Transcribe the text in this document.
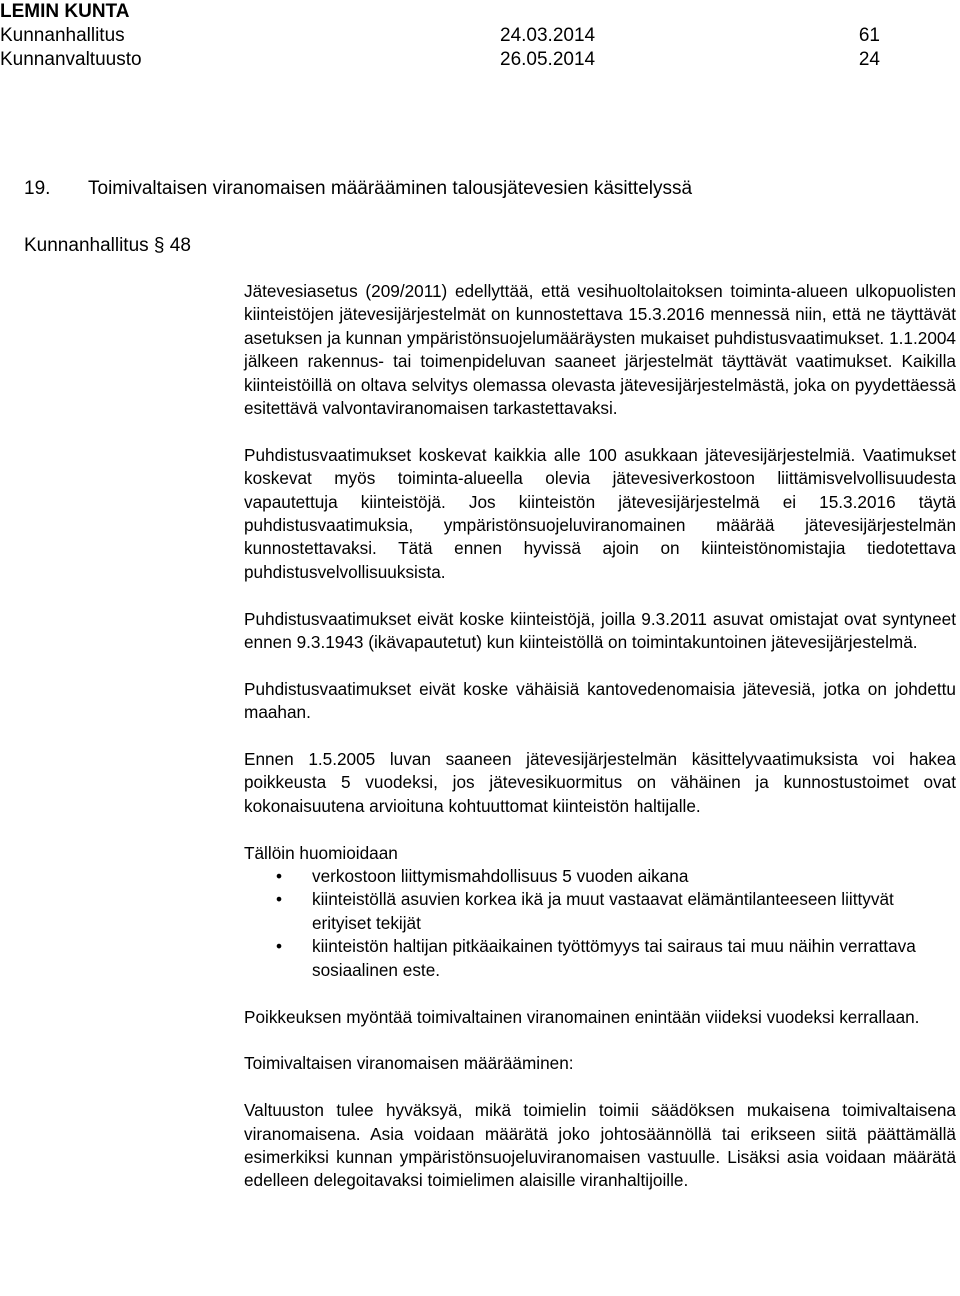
LEMIN KUNTA
Kunnanhallitus	24.03.2014	61
Kunnanvaltuusto	26.05.2014	24
19. Toimivaltaisen viranomaisen määrääminen talousjätevesien käsittelyssä
Kunnanhallitus § 48

Jätevesiasetus (209/2011) edellyttää, että vesihuoltolaitoksen toiminta-alueen ulkopuolisten kiinteistöjen jätevesijärjestelmät on kunnostettava 15.3.2016 mennessä niin, että ne täyttävät asetuksen ja kunnan ympäristönsuojelumääräysten mukaiset puhdistusvaatimukset. 1.1.2004 jälkeen rakennus- tai toimenpideluvan saaneet järjestelmät täyttävät vaatimukset. Kaikilla kiinteistöillä on oltava selvitys olemassa olevasta jätevesijärjestelmästä, joka on pyydettäessä esitettävä valvontaviranomaisen tarkastettavaksi.

Puhdistusvaatimukset koskevat kaikkia alle 100 asukkaan jätevesijärjestelmiä. Vaatimukset koskevat myös toiminta-alueella olevia jätevesiverkostoon liittämisvelvollisuudesta vapautettuja kiinteistöjä. Jos kiinteistön jätevesijärjestelmä ei 15.3.2016 täytä puhdistusvaatimuksia, ympäristönsuojeluviranomainen määrää jätevesijärjestelmän kunnostettavaksi. Tätä ennen hyvissä ajoin on kiinteistönomistajia tiedotettava puhdistusvelvollisuuksista.

Puhdistusvaatimukset eivät koske kiinteistöjä, joilla 9.3.2011 asuvat omistajat ovat syntyneet ennen 9.3.1943 (ikävapautetut) kun kiinteistöllä on toimintakuntoinen jätevesijärjestelmä.

Puhdistusvaatimukset eivät koske vähäisiä kantovedenomaisia jätevesiä, jotka on johdettu maahan.

Ennen 1.5.2005 luvan saaneen jätevesijärjestelmän käsittelyvaatimuksista voi hakea poikkeusta 5 vuodeksi, jos jätevesikuormitus on vähäinen ja kunnostustoimet ovat kokonaisuutena arvioituna kohtuuttomat kiinteistön haltijalle.

Tällöin huomioidaan

• verkostoon liittymismahdollisuus 5 vuoden aikana
• kiinteistöllä asuvien korkea ikä ja muut vastaavat elämäntilanteeseen liittyvät erityiset tekijät
• kiinteistön haltijan pitkäaikainen työttömyys tai sairaus tai muu näihin verrattava sosiaalinen este.

Poikkeuksen myöntää toimivaltainen viranomainen enintään viideksi vuodeksi kerrallaan.

Toimivaltaisen viranomaisen määrääminen:

Valtuuston tulee hyväksyä, mikä toimielin toimii säädöksen mukaisena toimivaltaisena viranomaisena. Asia voidaan määrätä joko johtosäännöllä tai erikseen siitä päättämällä esimerkiksi kunnan ympäristönsuojeluviranomaisen vastuulle. Lisäksi asia voidaan määrätä edelleen delegoitavaksi toimielimen alaisille viranhaltijoille.
